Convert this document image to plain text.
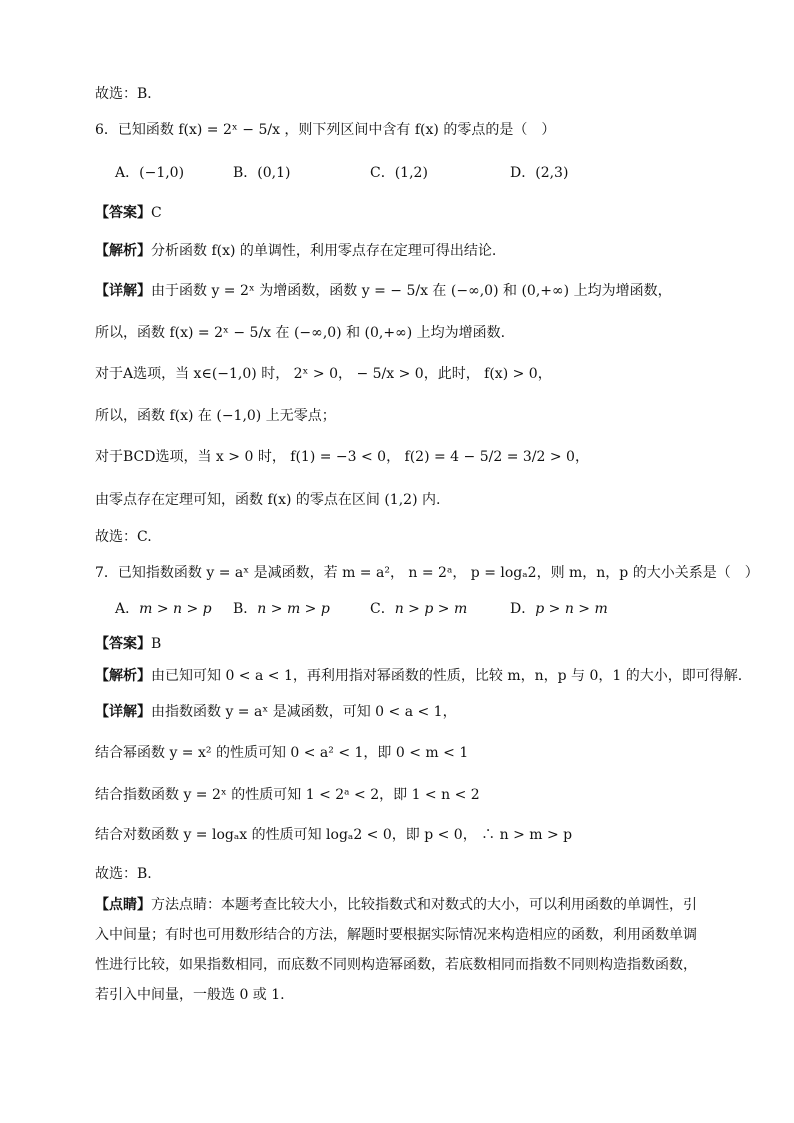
故选：B．
6．已知函数 f(x) = 2ˣ − 5/x ，则下列区间中含有 f(x) 的零点的是（　）
A．(−1,0)	B．(0,1)	C．(1,2)	D．(2,3)
【答案】C
【解析】分析函数 f(x) 的单调性，利用零点存在定理可得出结论.
【详解】由于函数 y = 2ˣ 为增函数，函数 y = − 5/x 在 (−∞,0) 和 (0,+∞) 上均为增函数，
所以，函数 f(x) = 2ˣ − 5/x 在 (−∞,0) 和 (0,+∞) 上均为增函数.
对于A选项，当 x∈(−1,0) 时， 2ˣ > 0， − 5/x > 0，此时， f(x) > 0，
所以，函数 f(x) 在 (−1,0) 上无零点；
对于BCD选项，当 x > 0 时， f(1) = −3 < 0， f(2) = 4 − 5/2 = 3/2 > 0，
由零点存在定理可知，函数 f(x) 的零点在区间 (1,2) 内.
故选：C.
7．已知指数函数 y = aˣ 是减函数，若 m = a²， n = 2ᵃ， p = logₐ2，则 m，n，p 的大小关系是（　）
A．m > n > p B．n > m > p	C．n > p > m	D．p > n > m
【答案】B
【解析】由已知可知 0 < a < 1，再利用指对幂函数的性质，比较 m，n，p 与 0，1 的大小，即可得解.
【详解】由指数函数 y = aˣ 是减函数，可知 0 < a < 1，
结合幂函数 y = x² 的性质可知 0 < a² < 1，即 0 < m < 1
结合指数函数 y = 2ˣ 的性质可知 1 < 2ᵃ < 2，即 1 < n < 2
结合对数函数 y = logₐx 的性质可知 logₐ2 < 0，即 p < 0， ∴ n > m > p
故选：B.
【点睛】方法点睛：本题考查比较大小，比较指数式和对数式的大小，可以利用函数的单调性，引入中间量；有时也可用数形结合的方法，解题时要根据实际情况来构造相应的函数，利用函数单调性进行比较，如果指数相同，而底数不同则构造幂函数，若底数相同而指数不同则构造指数函数，若引入中间量，一般选 0 或 1.
